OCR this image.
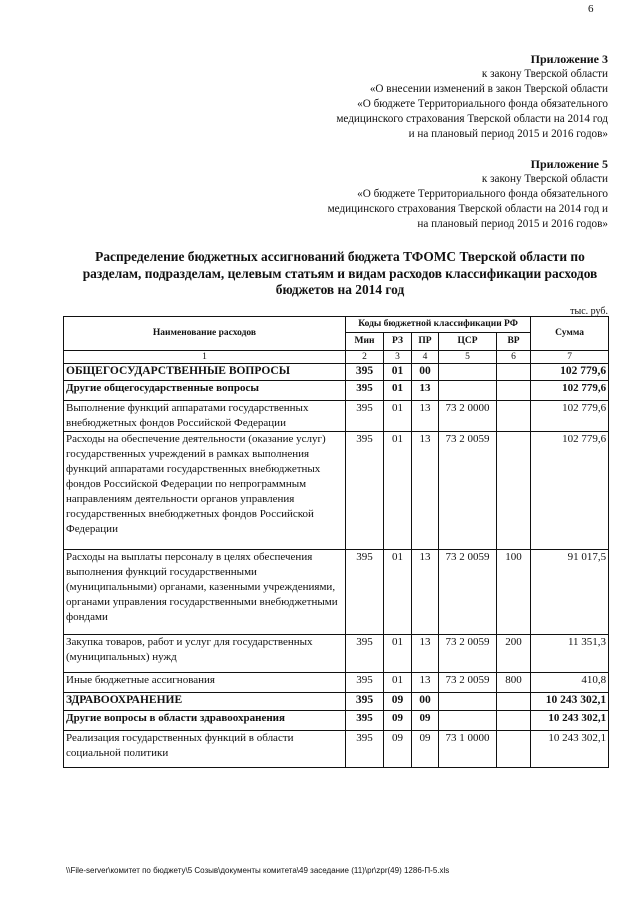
6
Приложение 3
к закону Тверской области
«О внесении изменений в закон Тверской области
«О бюджете Территориального фонда обязательного
медицинского страхования Тверской области на 2014 год
и на плановый период 2015 и 2016 годов»
Приложение 5
к закону Тверской области
«О бюджете Территориального фонда обязательного
медицинского страхования Тверской области на 2014 год и
на плановый период 2015 и 2016 годов»
Распределение бюджетных ассигнований бюджета ТФОМС Тверской области по
разделам, подразделам, целевым статьям и видам расходов классификации расходов
бюджетов на 2014 год
тыс. руб.
Наименование расходов	Коды бюджетной классификации РФ					Сумма
	Мин	РЗ	ПР	ЦСР	ВР	
1	2	3	4	5	6	7
ОБЩЕГОСУДАРСТВЕННЫЕ ВОПРОСЫ	395	01	00			102 779,6
Другие общегосударственные вопросы	395	01	13			102 779,6
Выполнение функций аппаратами государственных внебюджетных фондов Российской Федерации	395	01	13	73 2 0000		102 779,6
Расходы на обеспечение деятельности (оказание услуг) государственных учреждений в рамках выполнения функций аппаратами государственных внебюджетных фондов Российской Федерации по непрограммным направлениям деятельности органов управления государственных внебюджетных фондов Российской Федерации	395	01	13	73 2 0059		102 779,6
Расходы на выплаты персоналу в целях обеспечения выполнения функций государственными (муниципальными) органами, казенными учреждениями, органами управления государственными внебюджетными фондами	395	01	13	73 2 0059	100	91 017,5
Закупка товаров, работ и услуг для государственных (муниципальных) нужд	395	01	13	73 2 0059	200	11 351,3
Иные бюджетные ассигнования	395	01	13	73 2 0059	800	410,8
ЗДРАВООХРАНЕНИЕ	395	09	00			10 243 302,1
Другие вопросы в области здравоохранения	395	09	09			10 243 302,1
Реализация государственных функций в области социальной политики	395	09	09	73 1 0000		10 243 302,1
\\File-server\комитет по бюджету\5 Созыв\документы комитета\49 заседание (11)\pr\zpr(49) 1286-П-5.xls
